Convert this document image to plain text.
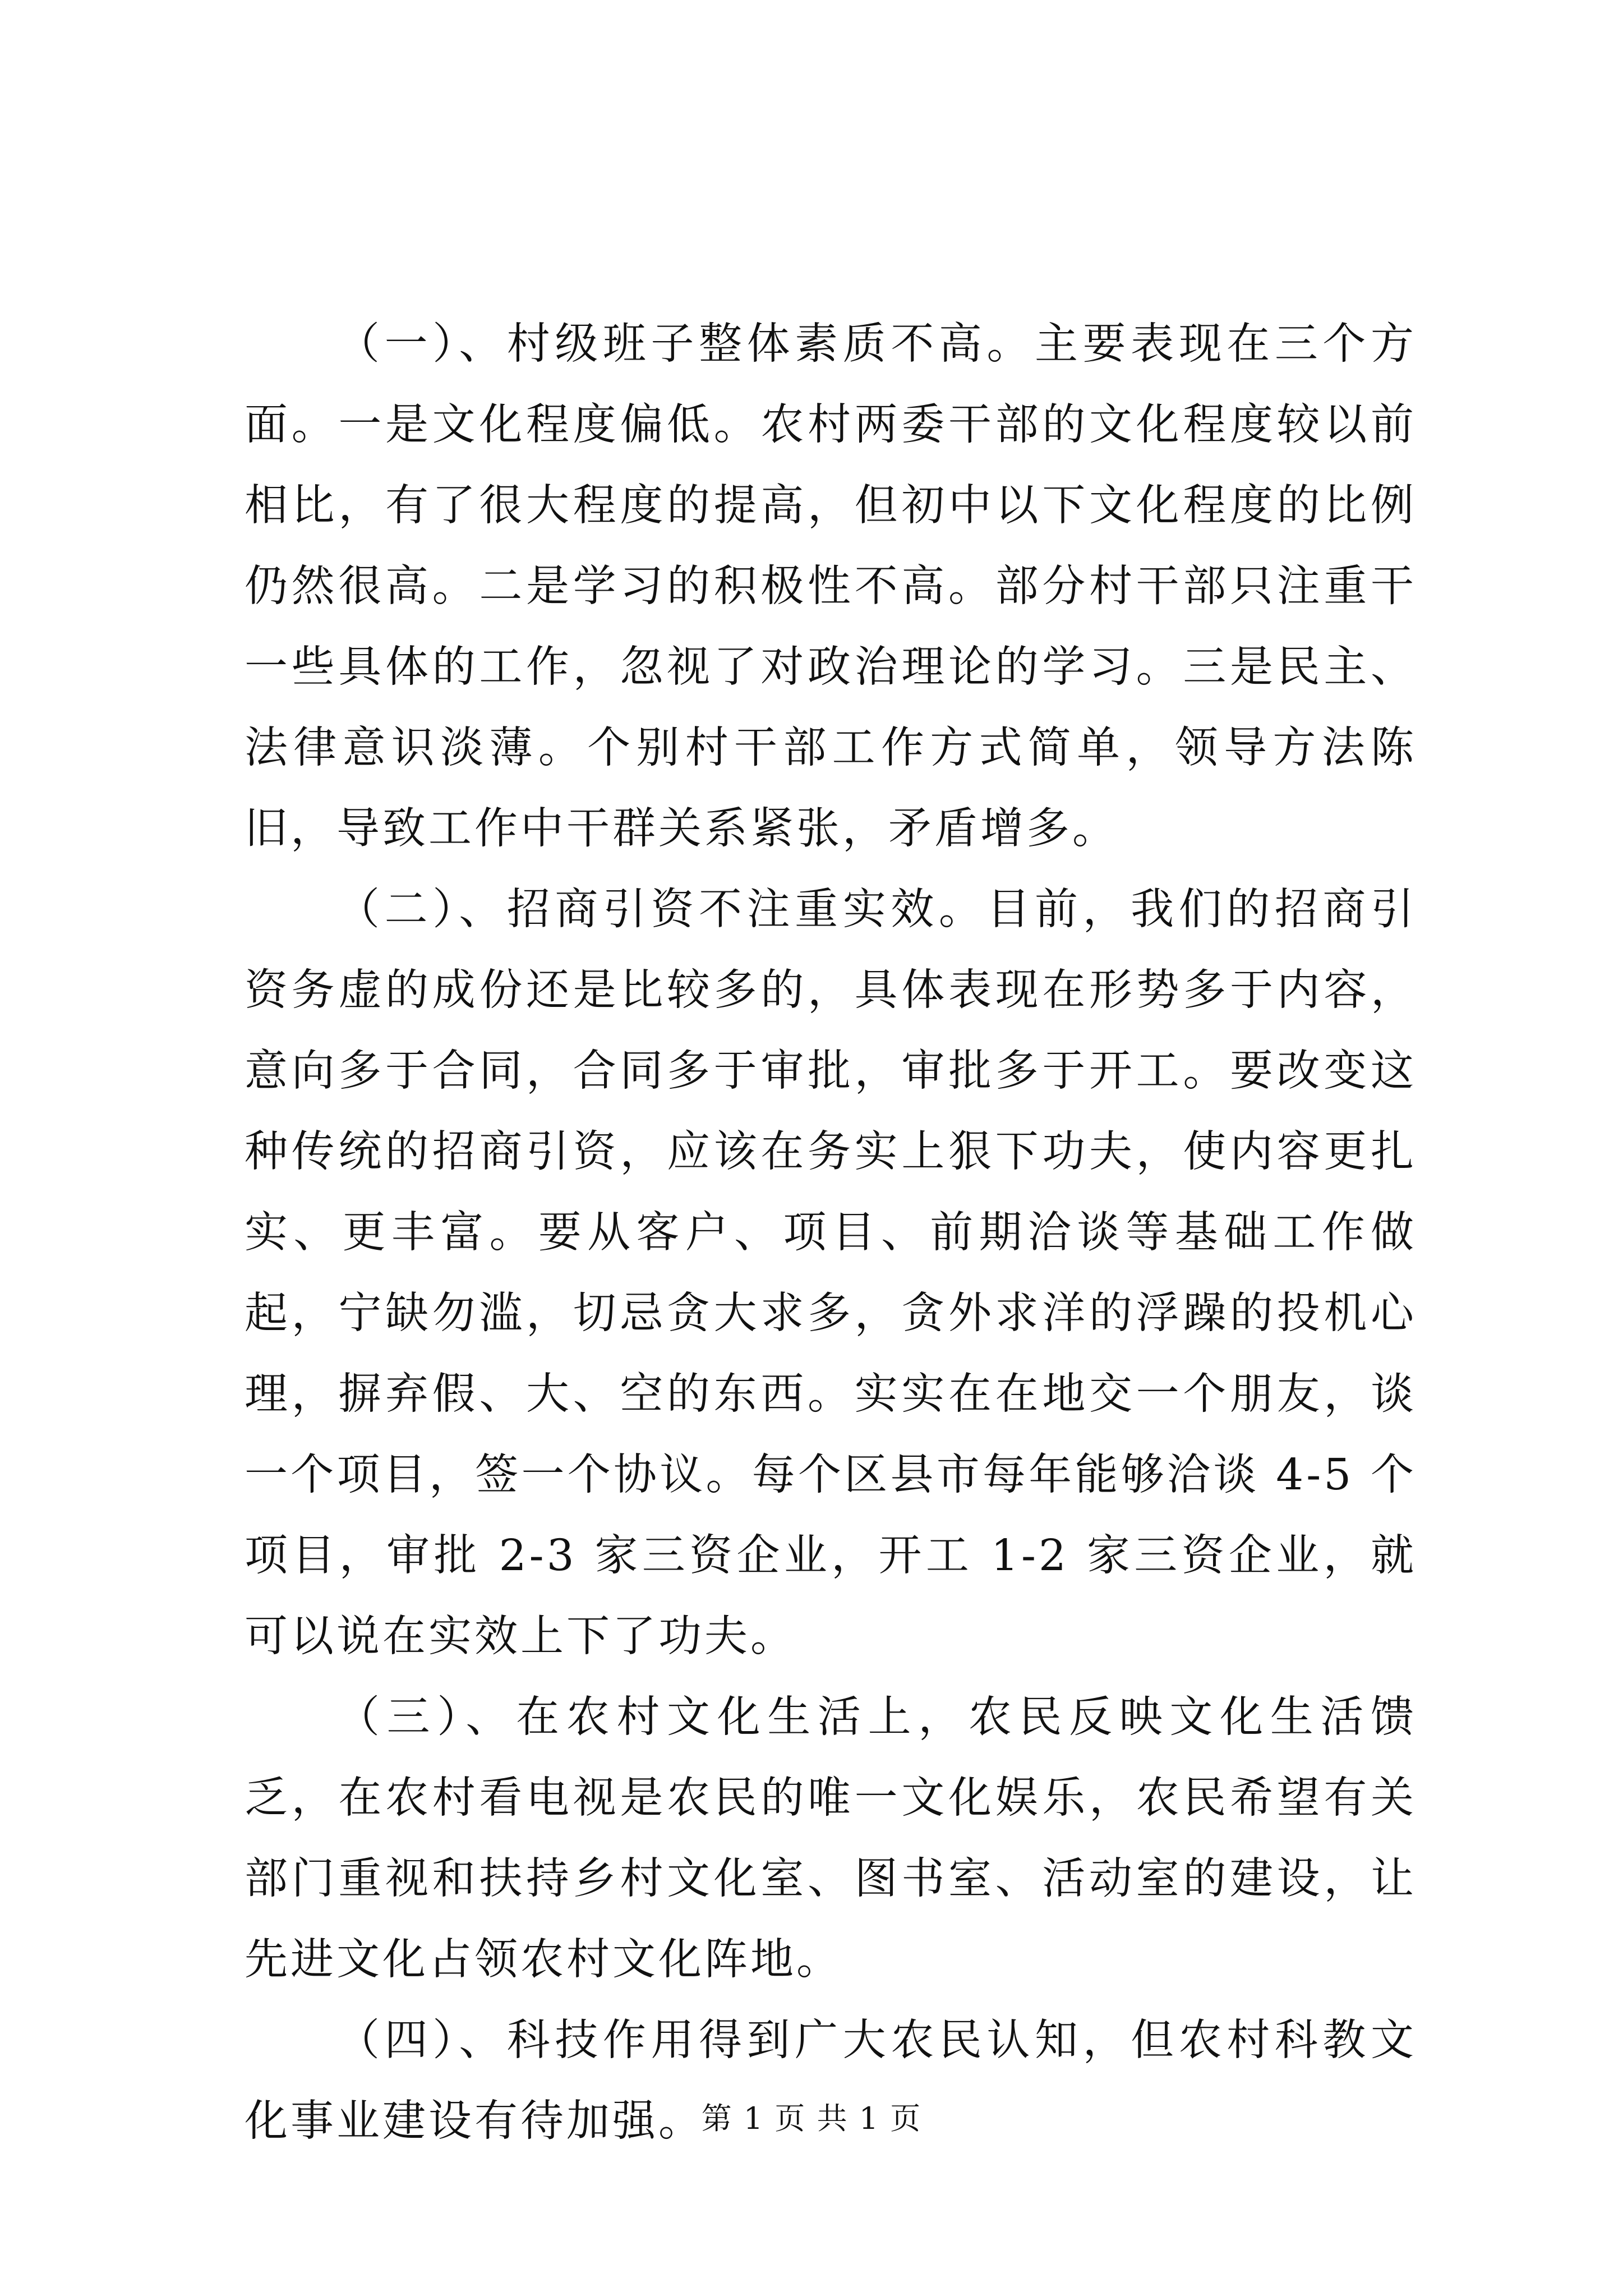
（一）、村级班子整体素质不高。主要表现在三个方面。一是文化程度偏低。农村两委干部的文化程度较以前相比，有了很大程度的提高，但初中以下文化程度的比例仍然很高。二是学习的积极性不高。部分村干部只注重干一些具体的工作，忽视了对政治理论的学习。三是民主、法律意识淡薄。个别村干部工作方式简单，领导方法陈旧，导致工作中干群关系紧张，矛盾增多。

（二）、招商引资不注重实效。目前，我们的招商引资务虚的成份还是比较多的，具体表现在形势多于内容，意向多于合同，合同多于审批，审批多于开工。要改变这种传统的招商引资，应该在务实上狠下功夫，使内容更扎实、更丰富。要从客户、项目、前期洽谈等基础工作做起，宁缺勿滥，切忌贪大求多，贪外求洋的浮躁的投机心理，摒弃假、大、空的东西。实实在在地交一个朋友，谈一个项目，签一个协议。每个区县市每年能够洽谈 4-5 个项目，审批 2-3 家三资企业，开工 1-2 家三资企业，就可以说在实效上下了功夫。

（三）、在农村文化生活上，农民反映文化生活馈乏，在农村看电视是农民的唯一文化娱乐，农民希望有关部门重视和扶持乡村文化室、图书室、活动室的建设，让先进文化占领农村文化阵地。

（四）、科技作用得到广大农民认知，但农村科教文化事业建设有待加强。

第 1 页 共 1 页
